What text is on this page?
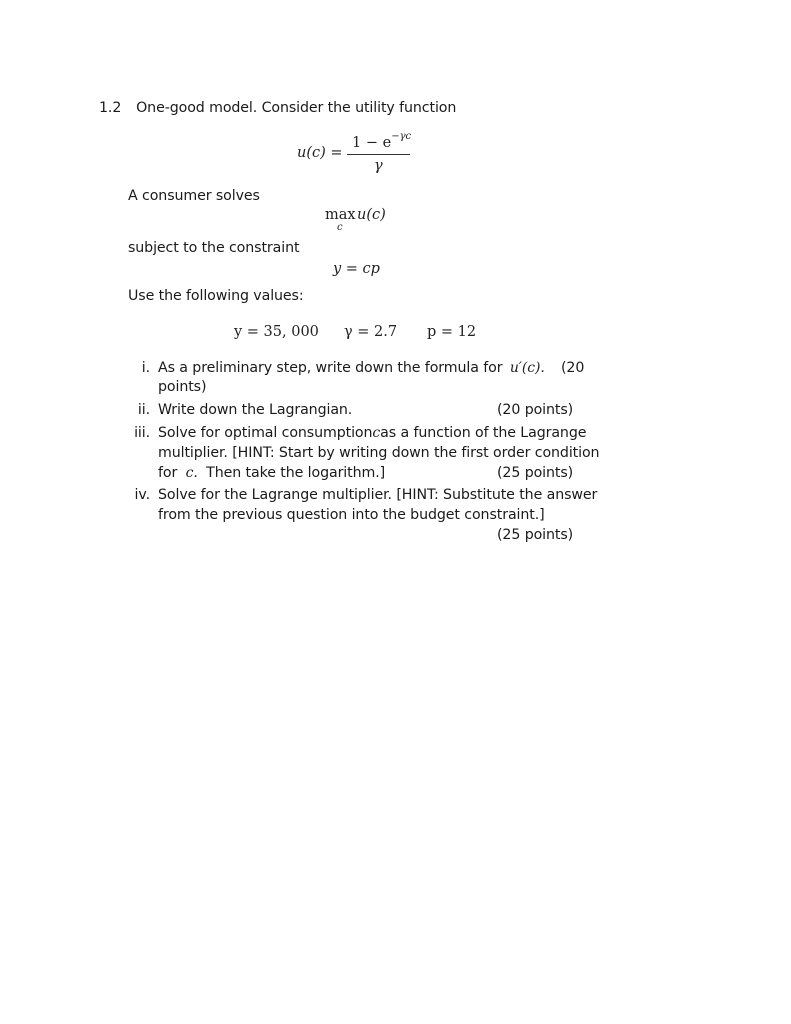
1.2 One-good model. Consider the utility function
u(c) =
$1 - e^{-\gamma c}$
γ
A consumer solves
max
c
u(c)
subject to the constraint
y = cp
Use the following values:
y = 35, 000 γ = 2.7 p = 12
i. As a preliminary step, write down the formula for u′(c). (20
points)
ii. Write down the Lagrangian.	(20 points)
iii. Solve for optimal consumption c as a function of the Lagrange
multiplier. [HINT: Start by writing down the first order condition
for c. Then take the logarithm.]	(25 points)
iv. Solve for the Lagrange multiplier. [HINT: Substitute the answer
from the previous question into the budget constraint.]
(25 points)
